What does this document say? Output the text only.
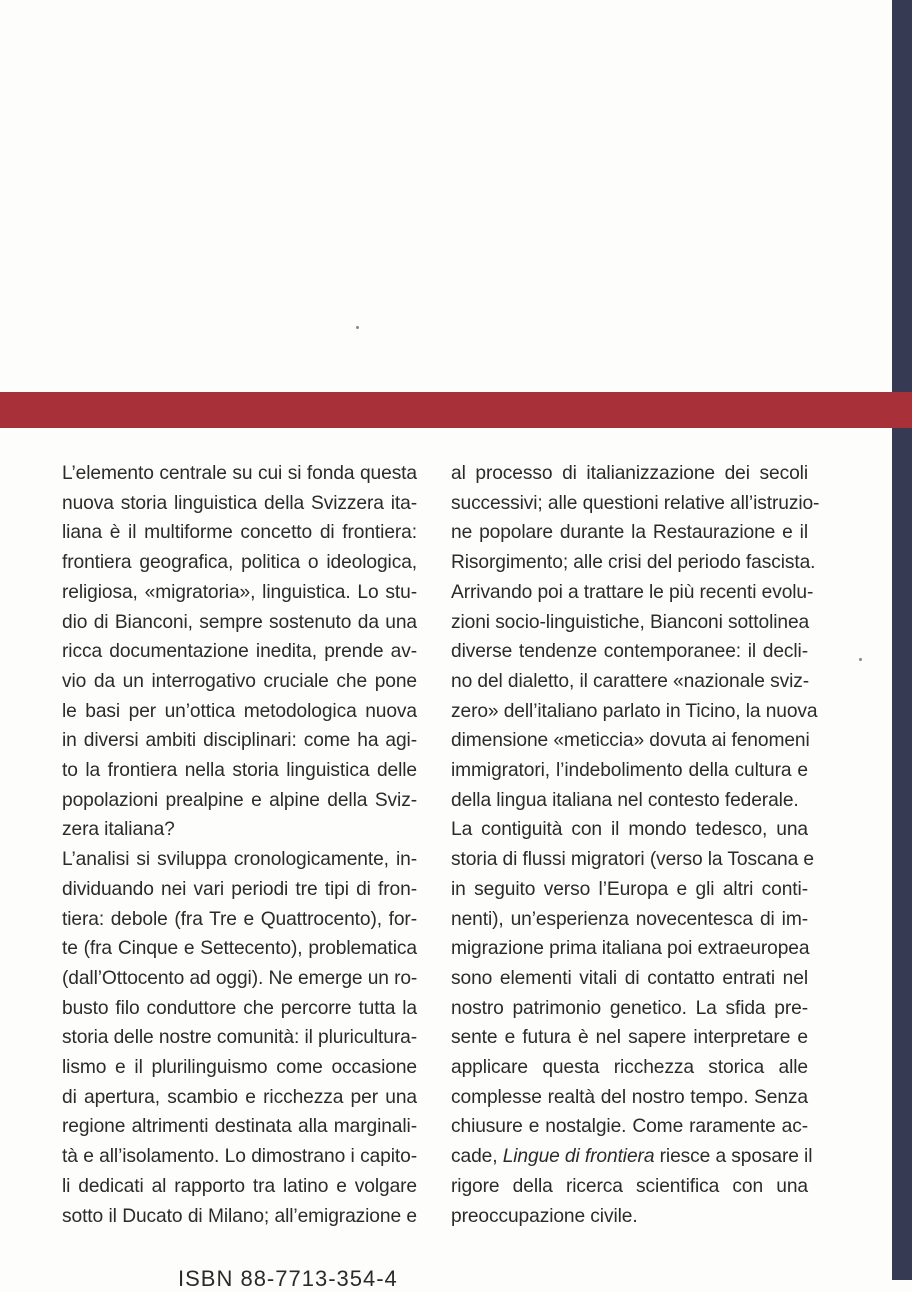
L’elemento centrale su cui si fonda questa
nuova storia linguistica della Svizzera ita-
liana è il multiforme concetto di frontiera:
frontiera geografica, politica o ideologica,
religiosa, «migratoria», linguistica. Lo stu-
dio di Bianconi, sempre sostenuto da una
ricca documentazione inedita, prende av-
vio da un interrogativo cruciale che pone
le basi per un’ottica metodologica nuova
in diversi ambiti disciplinari: come ha agi-
to la frontiera nella storia linguistica delle
popolazioni prealpine e alpine della Sviz-
zera italiana?
L’analisi si sviluppa cronologicamente, in-
dividuando nei vari periodi tre tipi di fron-
tiera: debole (fra Tre e Quattrocento), for-
te (fra Cinque e Settecento), problematica
(dall’Ottocento ad oggi). Ne emerge un ro-
busto filo conduttore che percorre tutta la
storia delle nostre comunità: il pluricultura-
lismo e il plurilinguismo come occasione
di apertura, scambio e ricchezza per una
regione altrimenti destinata alla marginali-
tà e all’isolamento. Lo dimostrano i capito-
li dedicati al rapporto tra latino e volgare
sotto il Ducato di Milano; all’emigrazione e
al processo di italianizzazione dei secoli
successivi; alle questioni relative all’istruzio-
ne popolare durante la Restaurazione e il
Risorgimento; alle crisi del periodo fascista.
Arrivando poi a trattare le più recenti evolu-
zioni socio-linguistiche, Bianconi sottolinea
diverse tendenze contemporanee: il decli-
no del dialetto, il carattere «nazionale sviz-
zero» dell’italiano parlato in Ticino, la nuova
dimensione «meticcia» dovuta ai fenomeni
immigratori, l’indebolimento della cultura e
della lingua italiana nel contesto federale.
La contiguità con il mondo tedesco, una
storia di flussi migratori (verso la Toscana e
in seguito verso l’Europa e gli altri conti-
nenti), un’esperienza novecentesca di im-
migrazione prima italiana poi extraeuropea
sono elementi vitali di contatto entrati nel
nostro patrimonio genetico. La sfida pre-
sente e futura è nel sapere interpretare e
applicare questa ricchezza storica alle
complesse realtà del nostro tempo. Senza
chiusure e nostalgie. Come raramente ac-
cade, Lingue di frontiera riesce a sposare il
rigore della ricerca scientifica con una
preoccupazione civile.
ISBN 88-7713-354-4
